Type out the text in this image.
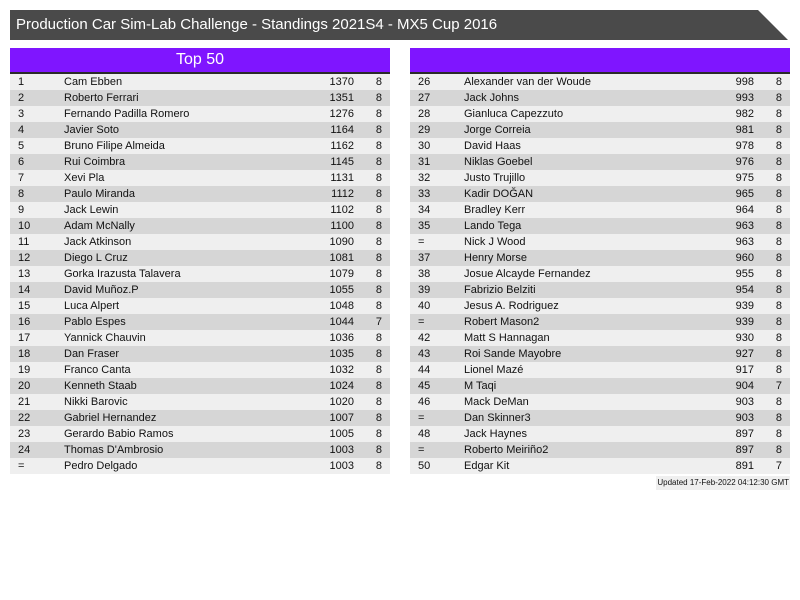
Production Car Sim-Lab Challenge - Standings 2021S4 - MX5 Cup 2016
Top 50
1	Cam Ebben	1370 8
2	Roberto Ferrari	1351 8
3	Fernando Padilla Romero	1276 8
4	Javier Soto	1164 8
5	Bruno Filipe Almeida	1162 8
6	Rui Coimbra	1145 8
7	Xevi Pla	1131 8
8	Paulo Miranda	1112 8
9	Jack Lewin	1102 8
10	Adam McNally	1100 8
11	Jack Atkinson	1090 8
12	Diego L Cruz	1081 8
13	Gorka Irazusta Talavera	1079 8
14	David Muñoz.P	1055 8
15	Luca Alpert	1048 8
16	Pablo Espes	1044 7
17	Yannick Chauvin	1036 8
18	Dan Fraser	1035 8
19	Franco Canta	1032 8
20	Kenneth Staab	1024 8
21	Nikki Barovic	1020 8
22	Gabriel Hernandez	1007 8
23	Gerardo Babio Ramos	1005 8
24	Thomas D'Ambrosio	1003 8
=	Pedro Delgado	1003 8
26	Alexander van der Woude	998 8
27	Jack Johns	993 8
28	Gianluca Capezzuto	982 8
29	Jorge Correia	981 8
30	David Haas	978 8
31	Niklas Goebel	976 8
32	Justo Trujillo	975 8
33	Kadir DOĞAN	965 8
34	Bradley Kerr	964 8
35	Lando Tega	963 8
=	Nick J Wood	963 8
37	Henry Morse	960 8
38	Josue Alcayde Fernandez	955 8
39	Fabrizio Belziti	954 8
40	Jesus A. Rodriguez	939 8
=	Robert Mason2	939 8
42	Matt S Hannagan	930 8
43	Roi Sande Mayobre	927 8
44	Lionel Mazé	917 8
45	M Taqi	904 7
46	Mack DeMan	903 8
=	Dan Skinner3	903 8
48	Jack Haynes	897 8
=	Roberto Meiriño2	897 8
50	Edgar Kit	891 7
Updated 17-Feb-2022 04:12:30 GMT
